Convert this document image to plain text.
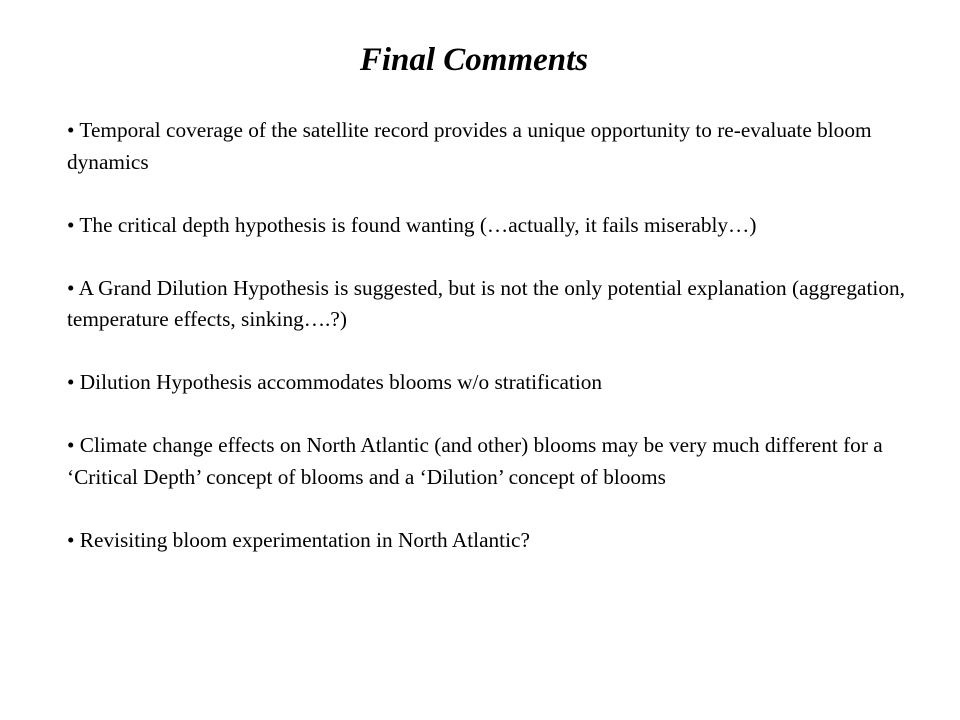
Final Comments
• Temporal coverage of the satellite record provides a unique opportunity to re-evaluate bloom dynamics
• The critical depth hypothesis is found wanting (…actually, it fails miserably…)
• A Grand Dilution Hypothesis is suggested, but is not the only potential explanation (aggregation, temperature effects, sinking….?)
• Dilution Hypothesis accommodates blooms w/o stratification
• Climate change effects on North Atlantic (and other) blooms may be very much different for a ‘Critical Depth’ concept of blooms and a ‘Dilution’ concept of blooms
• Revisiting bloom experimentation in North Atlantic?
